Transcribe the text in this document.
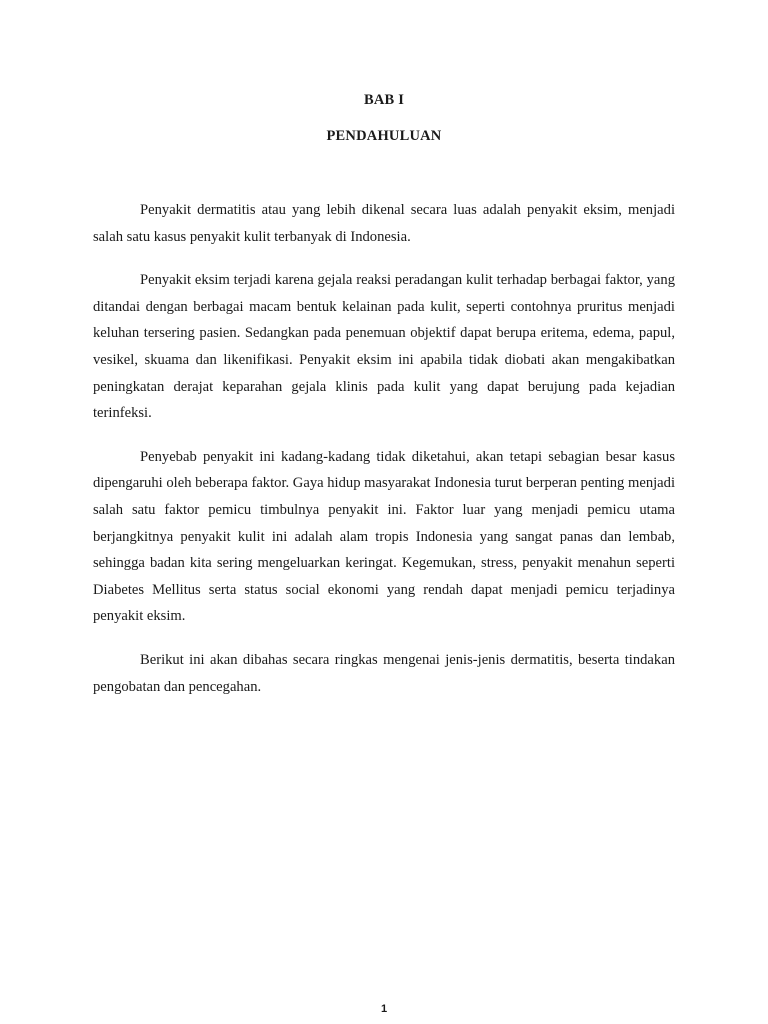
BAB I
PENDAHULUAN

Penyakit dermatitis atau yang lebih dikenal secara luas adalah penyakit eksim, menjadi salah satu kasus penyakit kulit terbanyak di Indonesia.

Penyakit eksim terjadi karena gejala reaksi peradangan kulit terhadap berbagai faktor, yang ditandai dengan berbagai macam bentuk kelainan pada kulit, seperti contohnya pruritus menjadi keluhan tersering pasien. Sedangkan pada penemuan objektif dapat berupa eritema, edema, papul, vesikel, skuama dan likenifikasi. Penyakit eksim ini apabila tidak diobati akan mengakibatkan peningkatan derajat keparahan gejala klinis pada kulit yang dapat berujung pada kejadian terinfeksi.

Penyebab penyakit ini kadang-kadang tidak diketahui, akan tetapi sebagian besar kasus dipengaruhi oleh beberapa faktor. Gaya hidup masyarakat Indonesia turut berperan penting menjadi salah satu faktor pemicu timbulnya penyakit ini. Faktor luar yang menjadi pemicu utama berjangkitnya penyakit kulit ini adalah alam tropis Indonesia yang sangat panas dan lembab, sehingga badan kita sering mengeluarkan keringat. Kegemukan, stress, penyakit menahun seperti Diabetes Mellitus serta status social ekonomi yang rendah dapat menjadi pemicu terjadinya penyakit eksim.

Berikut ini akan dibahas secara ringkas mengenai jenis-jenis dermatitis, beserta tindakan pengobatan dan pencegahan.

1
